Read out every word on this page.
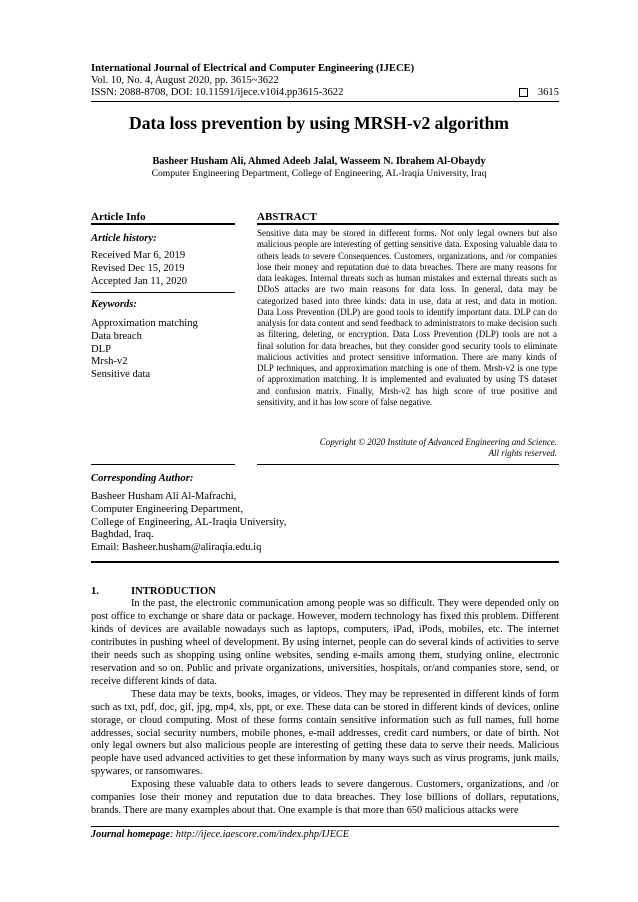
International Journal of Electrical and Computer Engineering (IJECE)
Vol. 10, No. 4, August 2020, pp. 3615~3622
ISSN: 2088-8708, DOI: 10.11591/ijece.v10i4.pp3615-3622	3615
Data loss prevention by using MRSH-v2 algorithm
Basheer Husham Ali, Ahmed Adeeb Jalal, Wasseem N. Ibrahem Al-Obaydy
Computer Engineering Department, College of Engineering, AL-Iraqia University, Iraq
Article Info
Article history:
Received Mar 6, 2019
Revised Dec 15, 2019
Accepted Jan 11, 2020
Keywords:
Approximation matching
Data breach
DLP
Mrsh-v2
Sensitive data
ABSTRACT
Sensitive data may be stored in different forms. Not only legal owners but also malicious people are interesting of getting sensitive data. Exposing valuable data to others leads to severe Consequences. Customers, organizations, and /or companies lose their money and reputation due to data breaches. There are many reasons for data leakages. Internal threats such as human mistakes and external threats such as DDoS attacks are two main reasons for data loss. In general, data may be categorized based into three kinds: data in use, data at rest, and data in motion. Data Loss Prevention (DLP) are good tools to identify important data. DLP can do analysis for data content and send feedback to administrators to make decision such as filtering, deleting, or encryption. Data Loss Prevention (DLP) tools are not a final solution for data breaches, but they consider good security tools to eliminate malicious activities and protect sensitive information. There are many kinds of DLP techniques, and approximation matching is one of them. Mrsh-v2 is one type of approximation matching. It is implemented and evaluated by using TS dataset and confusion matrix. Finally, Mrsh-v2 has high score of true positive and sensitivity, and it has low score of false negative.
Copyright © 2020 Institute of Advanced Engineering and Science.
All rights reserved.
Corresponding Author:
Basheer Husham Ali Al-Mafrachi,
Computer Engineering Department,
College of Engineering, AL-Iraqia University,
Baghdad, Iraq.
Email: Basheer.husham@aliraqia.edu.iq
1.	INTRODUCTION

In the past, the electronic communication among people was so difficult. They were depended only on post office to exchange or share data or package. However, modern technology has fixed this problem. Different kinds of devices are available nowadays such as laptops, computers, iPad, iPods, mobiles, etc. The internet contributes in pushing wheel of development. By using internet, people can do several kinds of activities to serve their needs such as shopping using online websites, sending e-mails among them, studying online, electronic reservation and so on. Public and private organizations, universities, hospitals, or/and companies store, send, or receive different kinds of data.

These data may be texts, books, images, or videos. They may be represented in different kinds of form such as txt, pdf, doc, gif, jpg, mp4, xls, ppt, or exe. These data can be stored in different kinds of devices, online storage, or cloud computing. Most of these forms contain sensitive information such as full names, full home addresses, social security numbers, mobile phones, e-mail addresses, credit card numbers, or date of birth. Not only legal owners but also malicious people are interesting of getting these data to serve their needs. Malicious people have used advanced activities to get these information by many ways such as virus programs, junk mails, spywares, or ransomwares.

Exposing these valuable data to others leads to severe dangerous. Customers, organizations, and /or companies lose their money and reputation due to data breaches. They lose billions of dollars, reputations, brands. There are many examples about that. One example is that more than 650 malicious attacks were

Journal homepage: http://ijece.iaescore.com/index.php/IJECE
